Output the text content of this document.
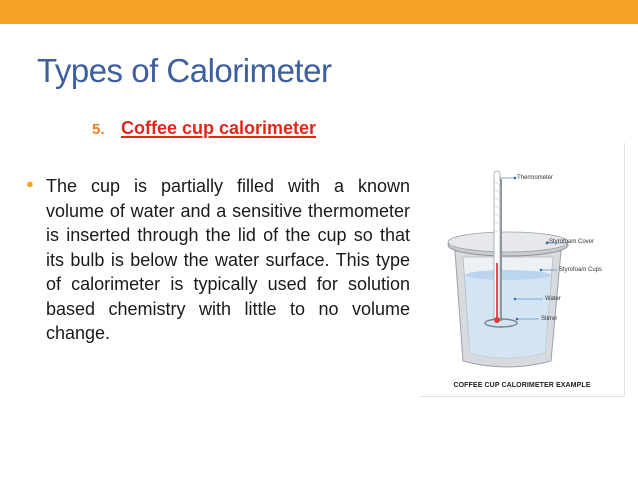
Types of Calorimeter
5. Coffee cup calorimeter
● The cup is partially filled with a known volume of water and a sensitive thermometer is inserted through the lid of the cup so that its bulb is below the water surface. This type of calorimeter is typically used for solution based chemistry with little to no volume change.

Thermometer
Styrofoam Cover
Styrofoam Cups
Water
Stirrer
COFFEE CUP CALORIMETER EXAMPLE
